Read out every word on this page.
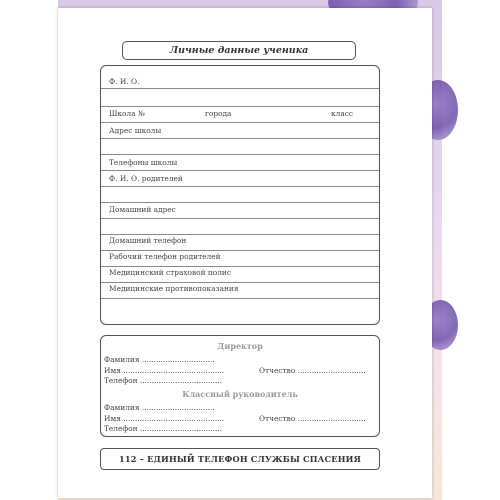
Личные данные ученика
Ф. И. О.
Школа №	города	класс
Адрес школы
Телефоны школы
Ф. И. О. родителей
Домашний адрес
Домашний телефон
Рабочий телефон родителей
Медицинский страховой полис
Медицинские противопоказания
Директор
Фамилия ...............................
Имя ...........................................	Отчество .............................
Телефон ...................................
Классный руководитель
Фамилия ...............................
Имя ...........................................	Отчество .............................
Телефон ...................................
112 – ЕДИНЫЙ ТЕЛЕФОН СЛУЖБЫ СПАСЕНИЯ
